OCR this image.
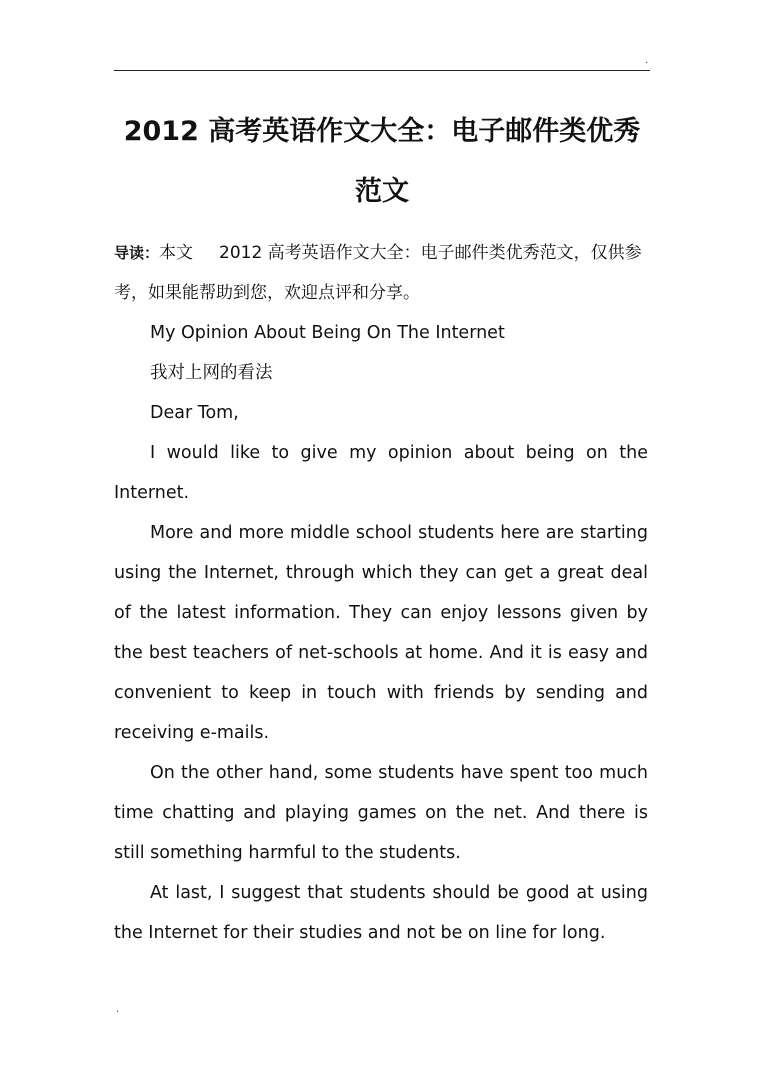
.
2012 高考英语作文大全：电子邮件类优秀
范文

导读：本文 2012 高考英语作文大全：电子邮件类优秀范文，仅供参考，如果能帮助到您，欢迎点评和分享。

My Opinion About Being On The Internet

我对上网的看法

Dear Tom,

I would like to give my opinion about being on the Internet.

More and more middle school students here are starting using the Internet, through which they can get a great deal of the latest information. They can enjoy lessons given by the best teachers of net-schools at home. And it is easy and convenient to keep in touch with friends by sending and receiving e-mails.

On the other hand, some students have spent too much time chatting and playing games on the net. And there is still something harmful to the students.

At last, I suggest that students should be good at using the Internet for their studies and not be on line for long.

.
